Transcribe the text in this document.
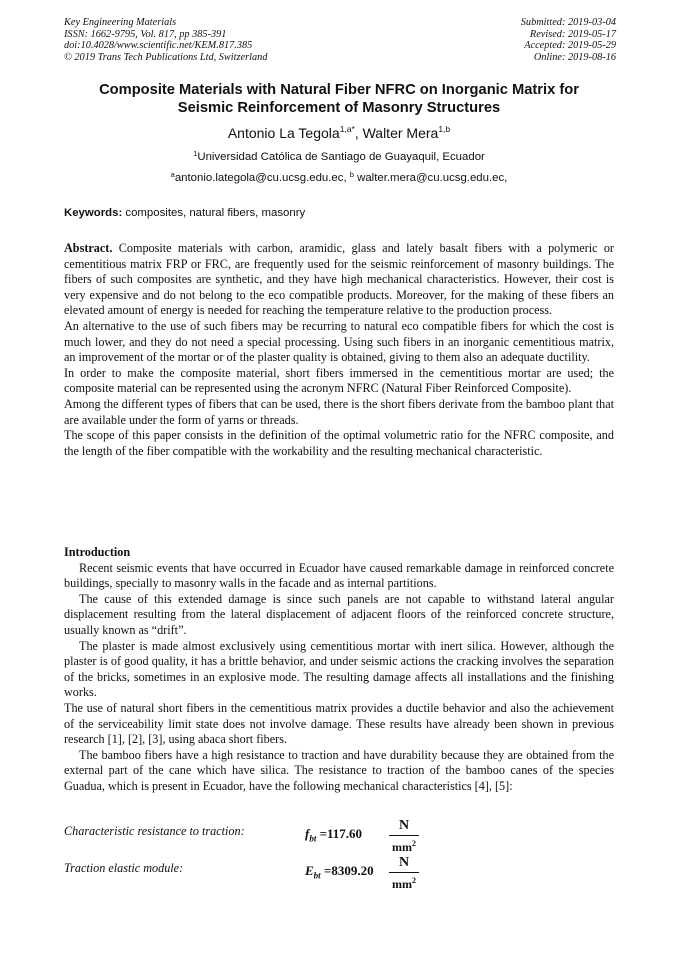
Key Engineering Materials
ISSN: 1662-9795, Vol. 817, pp 385-391
doi:10.4028/www.scientific.net/KEM.817.385
© 2019 Trans Tech Publications Ltd, Switzerland
Submitted: 2019-03-04
Revised: 2019-05-17
Accepted: 2019-05-29
Online: 2019-08-16
Composite Materials with Natural Fiber NFRC on Inorganic Matrix for
Seismic Reinforcement of Masonry Structures
Antonio La Tegola$^{1,a*}$, Walter Mera$^{1,b}$
$^1$Universidad Católica de Santiago de Guayaquil, Ecuador
$^a$antonio.lategola@cu.ucsg.edu.ec, $^b$ walter.mera@cu.ucsg.edu.ec,
Keywords: composites, natural fibers, masonry

Abstract. Composite materials with carbon, aramidic, glass and lately basalt fibers with a polymeric or cementitious matrix FRP or FRC, are frequently used for the seismic reinforcement of masonry buildings. The fibers of such composites are synthetic, and they have high mechanical characteristics. However, their cost is very expensive and do not belong to the eco compatible products. Moreover, for the making of these fibers an elevated amount of energy is needed for reaching the temperature relative to the production process.

An alternative to the use of such fibers may be recurring to natural eco compatible fibers for which the cost is much lower, and they do not need a special processing. Using such fibers in an inorganic cementitious matrix, an improvement of the mortar or of the plaster quality is obtained, giving to them also an adequate ductility.

In order to make the composite material, short fibers immersed in the cementitious mortar are used; the composite material can be represented using the acronym NFRC (Natural Fiber Reinforced Composite).

Among the different types of fibers that can be used, there is the short fibers derivate from the bamboo plant that are available under the form of yarns or threads.

The scope of this paper consists in the definition of the optimal volumetric ratio for the NFRC composite, and the length of the fiber compatible with the workability and the resulting mechanical characteristic.

Introduction

Recent seismic events that have occurred in Ecuador have caused remarkable damage in reinforced concrete buildings, specially to masonry walls in the facade and as internal partitions.

The cause of this extended damage is since such panels are not capable to withstand lateral angular displacement resulting from the lateral displacement of adjacent floors of the reinforced concrete structure, usually known as “drift”.

The plaster is made almost exclusively using cementitious mortar with inert silica. However, although the plaster is of good quality, it has a brittle behavior, and under seismic actions the cracking involves the separation of the bricks, sometimes in an explosive mode. The resulting damage affects all installations and the finishing works.

The use of natural short fibers in the cementitious matrix provides a ductile behavior and also the achievement of the serviceability limit state does not involve damage. These results have already been shown in previous research [1], [2], [3], using abaca short fibers.

The bamboo fibers have a high resistance to traction and have durability because they are obtained from the external part of the cane which have silica. The resistance to traction of the bamboo canes of the species Guadua, which is present in Ecuador, have the following mechanical characteristics [4], [5]:

Characteristic resistance to traction:	$f_{bt} =117.60$
N
$mm^2$
Traction elastic module:	$E_{bt} =8309.20$
N
$mm^2$
